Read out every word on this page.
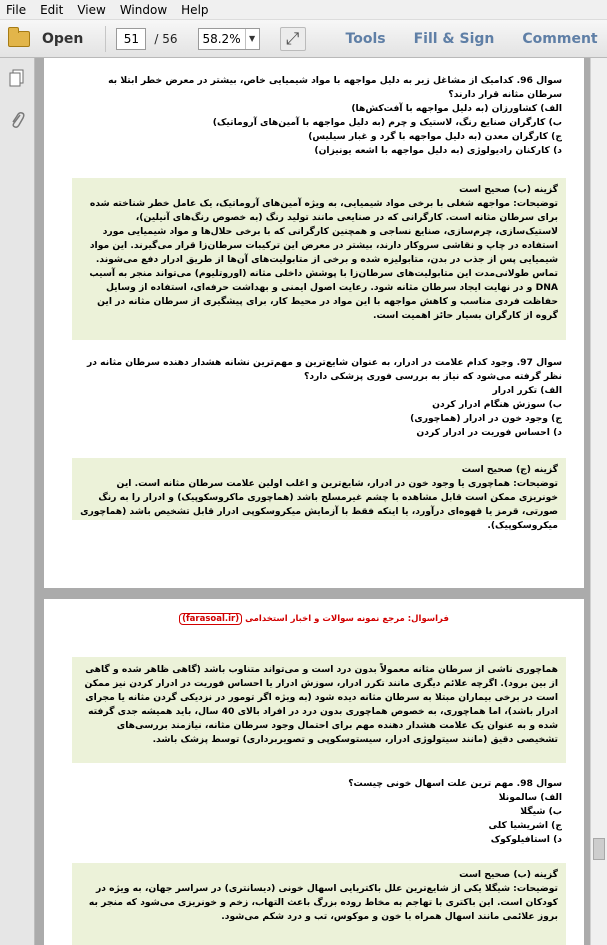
File	Edit	View	Window	Help
Open	51	/ 56	58.2%	▼	⤢	Tools Fill & Sign Comment
سوال 96. کدامیک از مشاغل زیر به دلیل مواجهه با مواد شیمیایی خاص، بیشتر در معرض خطر ابتلا به سرطان مثانه قرار دارند؟
الف) کشاورزان (به دلیل مواجهه با آفت‌کش‌ها)
ب) کارگران صنایع رنگ، لاستیک و چرم (به دلیل مواجهه با آمین‌های آروماتیک)
ج) کارگران معدن (به دلیل مواجهه با گرد و غبار سیلیس)
د) کارکنان رادیولوژی (به دلیل مواجهه با اشعه یونیزان)
گزینه (ب) صحیح است
توضیحات: مواجهه شغلی با برخی مواد شیمیایی، به ویژه آمین‌های آروماتیک، یک عامل خطر شناخته شده برای سرطان مثانه است. کارگرانی که در صنایعی مانند تولید رنگ (به خصوص رنگ‌های آنیلین)، لاستیک‌سازی، چرم‌سازی، صنایع نساجی و همچنین کارگرانی که با برخی حلال‌ها و مواد شیمیایی مورد استفاده در چاپ و نقاشی سروکار دارند، بیشتر در معرض این ترکیبات سرطان‌زا قرار می‌گیرند. این مواد شیمیایی پس از جذب در بدن، متابولیزه شده و برخی از متابولیت‌های آن‌ها از طریق ادرار دفع می‌شوند. تماس طولانی‌مدت این متابولیت‌های سرطان‌زا با پوشش داخلی مثانه (اوروتلیوم) می‌تواند منجر به آسیب DNA و در نهایت ایجاد سرطان مثانه شود. رعایت اصول ایمنی و بهداشت حرفه‌ای، استفاده از وسایل حفاظت فردی مناسب و کاهش مواجهه با این مواد در محیط کار، برای پیشگیری از سرطان مثانه در این گروه از کارگران بسیار حائز اهمیت است.
سوال 97. وجود کدام علامت در ادرار، به عنوان شایع‌ترین و مهم‌ترین نشانه هشدار دهنده سرطان مثانه در نظر گرفته می‌شود که نیاز به بررسی فوری پزشکی دارد؟
الف) تکرر ادرار
ب) سوزش هنگام ادرار کردن
ج) وجود خون در ادرار (هماچوری)
د) احساس فوریت در ادرار کردن
گزینه (ج) صحیح است
توضیحات: هماچوری یا وجود خون در ادرار، شایع‌ترین و اغلب اولین علامت سرطان مثانه است. این خونریزی ممکن است قابل مشاهده با چشم غیرمسلح باشد (هماچوری ماکروسکوپیک) و ادرار را به رنگ صورتی، قرمز یا قهوه‌ای درآورد، یا اینکه فقط با آزمایش میکروسکوپی ادرار قابل تشخیص باشد (هماچوری میکروسکوپیک).
فراسوال: مرجع نمونه سوالات و اخبار استخدامی (farasoal.ir)
هماچوری ناشی از سرطان مثانه معمولاً بدون درد است و می‌تواند متناوب باشد (گاهی ظاهر شده و گاهی از بین برود). اگرچه علائم دیگری مانند تکرر ادرار، سوزش ادرار یا احساس فوریت در ادرار کردن نیز ممکن است در برخی بیماران مبتلا به سرطان مثانه دیده شود (به ویژه اگر تومور در نزدیکی گردن مثانه یا مجرای ادرار باشد)، اما هماچوری، به خصوص هماچوری بدون درد در افراد بالای 40 سال، باید همیشه جدی گرفته شده و به عنوان یک علامت هشدار دهنده مهم برای احتمال وجود سرطان مثانه، نیازمند بررسی‌های تشخیصی دقیق (مانند سیتولوژی ادرار، سیستوسکوپی و تصویربرداری) توسط پزشک باشد.
سوال 98. مهم ترین علت اسهال خونی چیست؟
الف) سالمونلا
ب) شیگلا
ج) اشریشیا کلی
د) استافیلوکوک
گزینه (ب) صحیح است
توضیحات: شیگلا یکی از شایع‌ترین علل باکتریایی اسهال خونی (دیسانتری) در سراسر جهان، به ویژه در کودکان است. این باکتری با تهاجم به مخاط روده بزرگ باعث التهاب، زخم و خونریزی می‌شود که منجر به بروز علائمی مانند اسهال همراه با خون و موکوس، تب و درد شکم می‌شود.
